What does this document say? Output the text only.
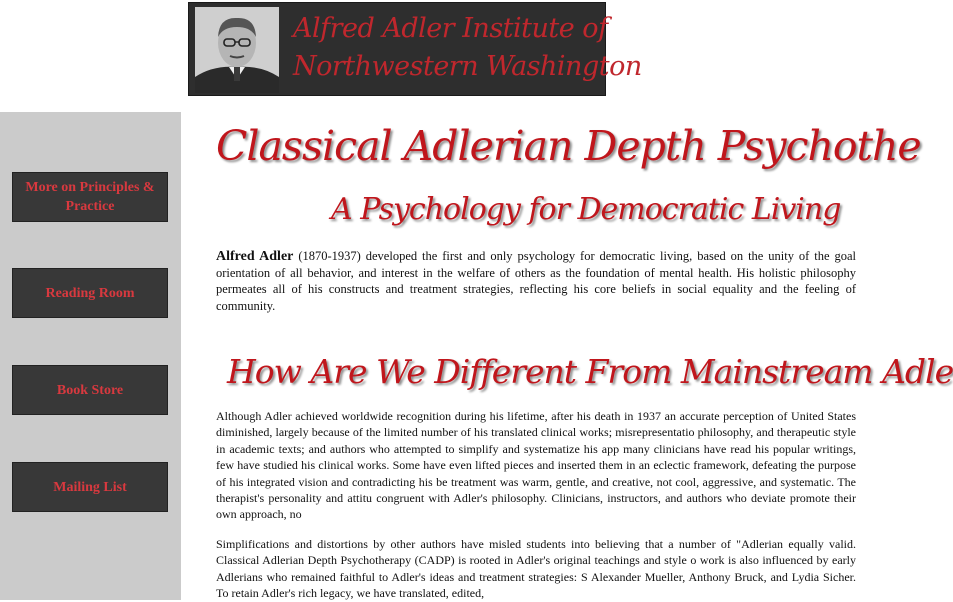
Alfred Adler Institute of
Northwestern Washington
More on Principles & Practice
Reading Room
Book Store
Mailing List
Classical Adlerian Depth Psychothe
A Psychology for Democratic Living
Alfred Adler (1870-1937) developed the first and only psychology for democratic living, based on the unity of the goal orientation of all behavior, and interest in the welfare of others as the foundation of mental health. His holistic philosophy permeates all of his constructs and treatment strategies, reflecting his core beliefs in social equality and the feeling of community.
How Are We Different From Mainstream Adle
Although Adler achieved worldwide recognition during his lifetime, after his death in 1937 an accurate perception of United States diminished, largely because of the limited number of his translated clinical works; misrepresentatio philosophy, and therapeutic style in academic texts; and authors who attempted to simplify and systematize his app many clinicians have read his popular writings, few have studied his clinical works. Some have even lifted pieces and inserted them in an eclectic framework, defeating the purpose of his integrated vision and contradicting his be treatment was warm, gentle, and creative, not cool, aggressive, and systematic. The therapist's personality and attitu congruent with Adler's philosophy. Clinicians, instructors, and authors who deviate promote their own approach, no
Simplifications and distortions by other authors have misled students into believing that a number of "Adlerian equally valid. Classical Adlerian Depth Psychotherapy (CADP) is rooted in Adler's original teachings and style o work is also influenced by early Adlerians who remained faithful to Adler's ideas and treatment strategies: S Alexander Mueller, Anthony Bruck, and Lydia Sicher. To retain Adler's rich legacy, we have translated, edited,
